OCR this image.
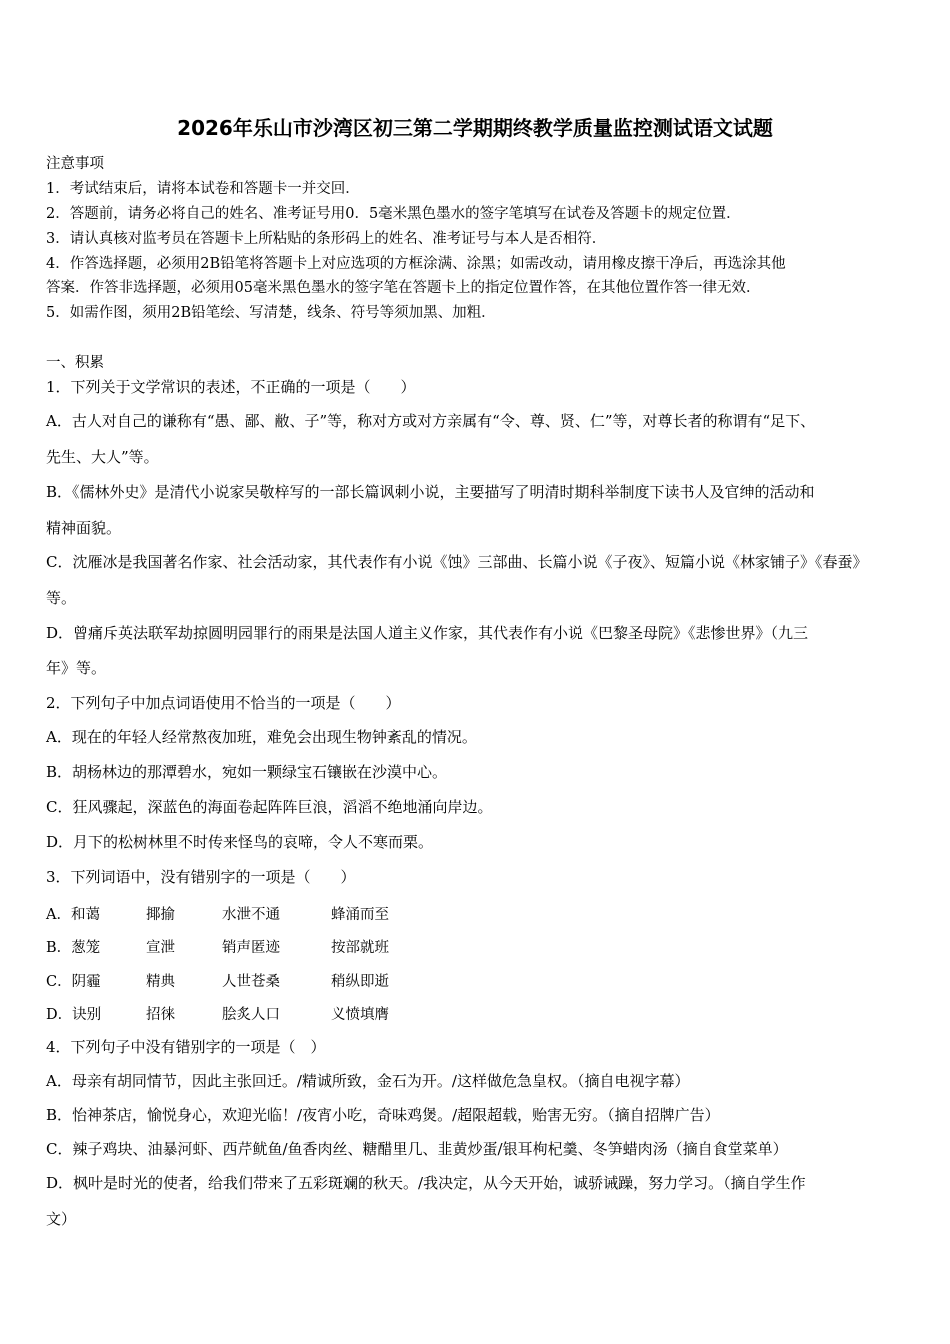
2026年乐山市沙湾区初三第二学期期终教学质量监控测试语文试题
注意事项
1．考试结束后，请将本试卷和答题卡一并交回．
2．答题前，请务必将自己的姓名、准考证号用0．5毫米黑色墨水的签字笔填写在试卷及答题卡的规定位置．
3．请认真核对监考员在答题卡上所粘贴的条形码上的姓名、准考证号与本人是否相符．
4．作答选择题，必须用2B铅笔将答题卡上对应选项的方框涂满、涂黑；如需改动，请用橡皮擦干净后，再选涂其他
答案．作答非选择题，必须用05毫米黑色墨水的签字笔在答题卡上的指定位置作答，在其他位置作答一律无效．
5．如需作图，须用2B铅笔绘、写清楚，线条、符号等须加黑、加粗．
一、积累
1．下列关于文学常识的表述，不正确的一项是（　　）
A．古人对自己的谦称有“愚、鄙、敝、子”等，称对方或对方亲属有“令、尊、贤、仁”等，对尊长者的称谓有“足下、
先生、大人”等。
B．《儒林外史》是清代小说家吴敬梓写的一部长篇讽刺小说，主要描写了明清时期科举制度下读书人及官绅的活动和
精神面貌。
C．沈雁冰是我国著名作家、社会活动家，其代表作有小说《蚀》三部曲、长篇小说《子夜》、短篇小说《林家铺子》《春蚕》
等。
D．曾痛斥英法联军劫掠圆明园罪行的雨果是法国人道主义作家，其代表作有小说《巴黎圣母院》《悲惨世界》（九三
年》等。
2．下列句子中加点词语使用不恰当的一项是（　　）
A．现在的年轻人经常熬夜加班，难免会出现生物钟紊乱的情况。
B．胡杨林边的那潭碧水，宛如一颗绿宝石镶嵌在沙漠中心。
C．狂风骤起，深蓝色的海面卷起阵阵巨浪，滔滔不绝地涌向岸边。
D．月下的松树林里不时传来怪鸟的哀啼，令人不寒而栗。
3．下列词语中，没有错别字的一项是（　　）
A．和蔼	揶揄	水泄不通	蜂涌而至
B．葱笼	宣泄	销声匿迹	按部就班
C．阴霾	精典	人世苍桑	稍纵即逝
D．诀别	招徕	脍炙人口	义愤填膺
4．下列句子中没有错别字的一项是（　）
A．母亲有胡同情节，因此主张回迁。/精诚所致，金石为开。/这样做危急皇权。（摘自电视字幕）
B．怡神茶店，愉悦身心，欢迎光临！/夜宵小吃，奇味鸡煲。/超限超载，贻害无穷。（摘自招牌广告）
C．辣子鸡块、油暴河虾、西芹鱿鱼/鱼香肉丝、糖醋里几、韭黄炒蛋/银耳枸杞羹、冬笋蜡肉汤（摘自食堂菜单）
D．枫叶是时光的使者，给我们带来了五彩斑斓的秋天。/我决定，从今天开始，诚骄诫躁，努力学习。（摘自学生作
文）
